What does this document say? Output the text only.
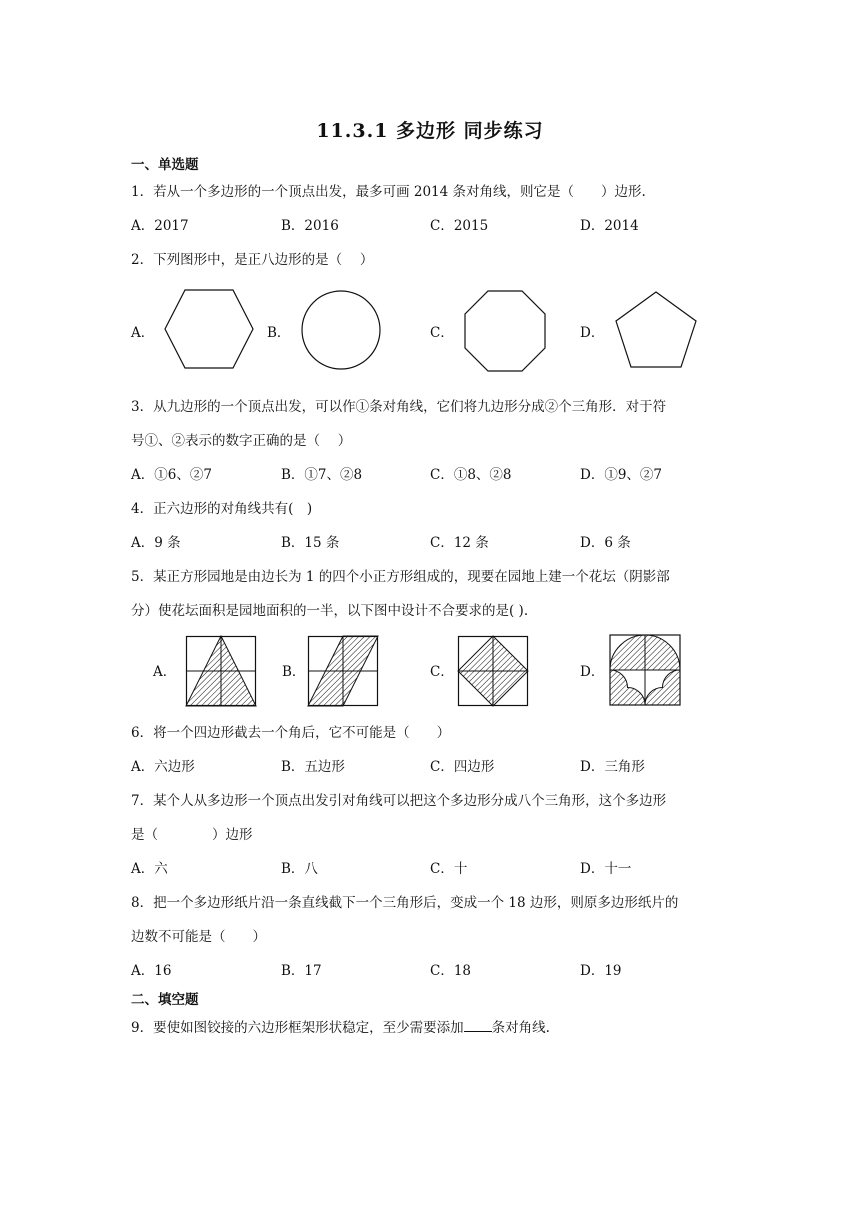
11.3.1 多边形 同步练习
一、单选题
1．若从一个多边形的一个顶点出发，最多可画 2014 条对角线，则它是（　　）边形.
A．2017	B．2016	C．2015	D．2014
2．下列图形中，是正八边形的是（　 ）
A．	B．	C．	D．
3．从九边形的一个顶点出发，可以作①条对角线，它们将九边形分成②个三角形．对于符
号①、②表示的数字正确的是（　 ）
A．①6、②7	B．①7、②8	C．①8、②8	D．①9、②7
4．正六边形的对角线共有(　)
A．9 条	B．15 条	C．12 条	D．6 条
5．某正方形园地是由边长为 1 的四个小正方形组成的，现要在园地上建一个花坛（阴影部
分）使花坛面积是园地面积的一半，以下图中设计不合要求的是( ).
A．	B．	C．	D．
6．将一个四边形截去一个角后，它不可能是（　　）
A．六边形	B．五边形	C．四边形	D．三角形
7．某个人从多边形一个顶点出发引对角线可以把这个多边形分成八个三角形，这个多边形
是（　　　　）边形
A．六	B．八	C．十	D．十一
8．把一个多边形纸片沿一条直线截下一个三角形后，变成一个 18 边形，则原多边形纸片的
边数不可能是（　　）
A．16	B．17	C．18	D．19
二、填空题
9．要使如图铰接的六边形框架形状稳定，至少需要添加 条对角线.
